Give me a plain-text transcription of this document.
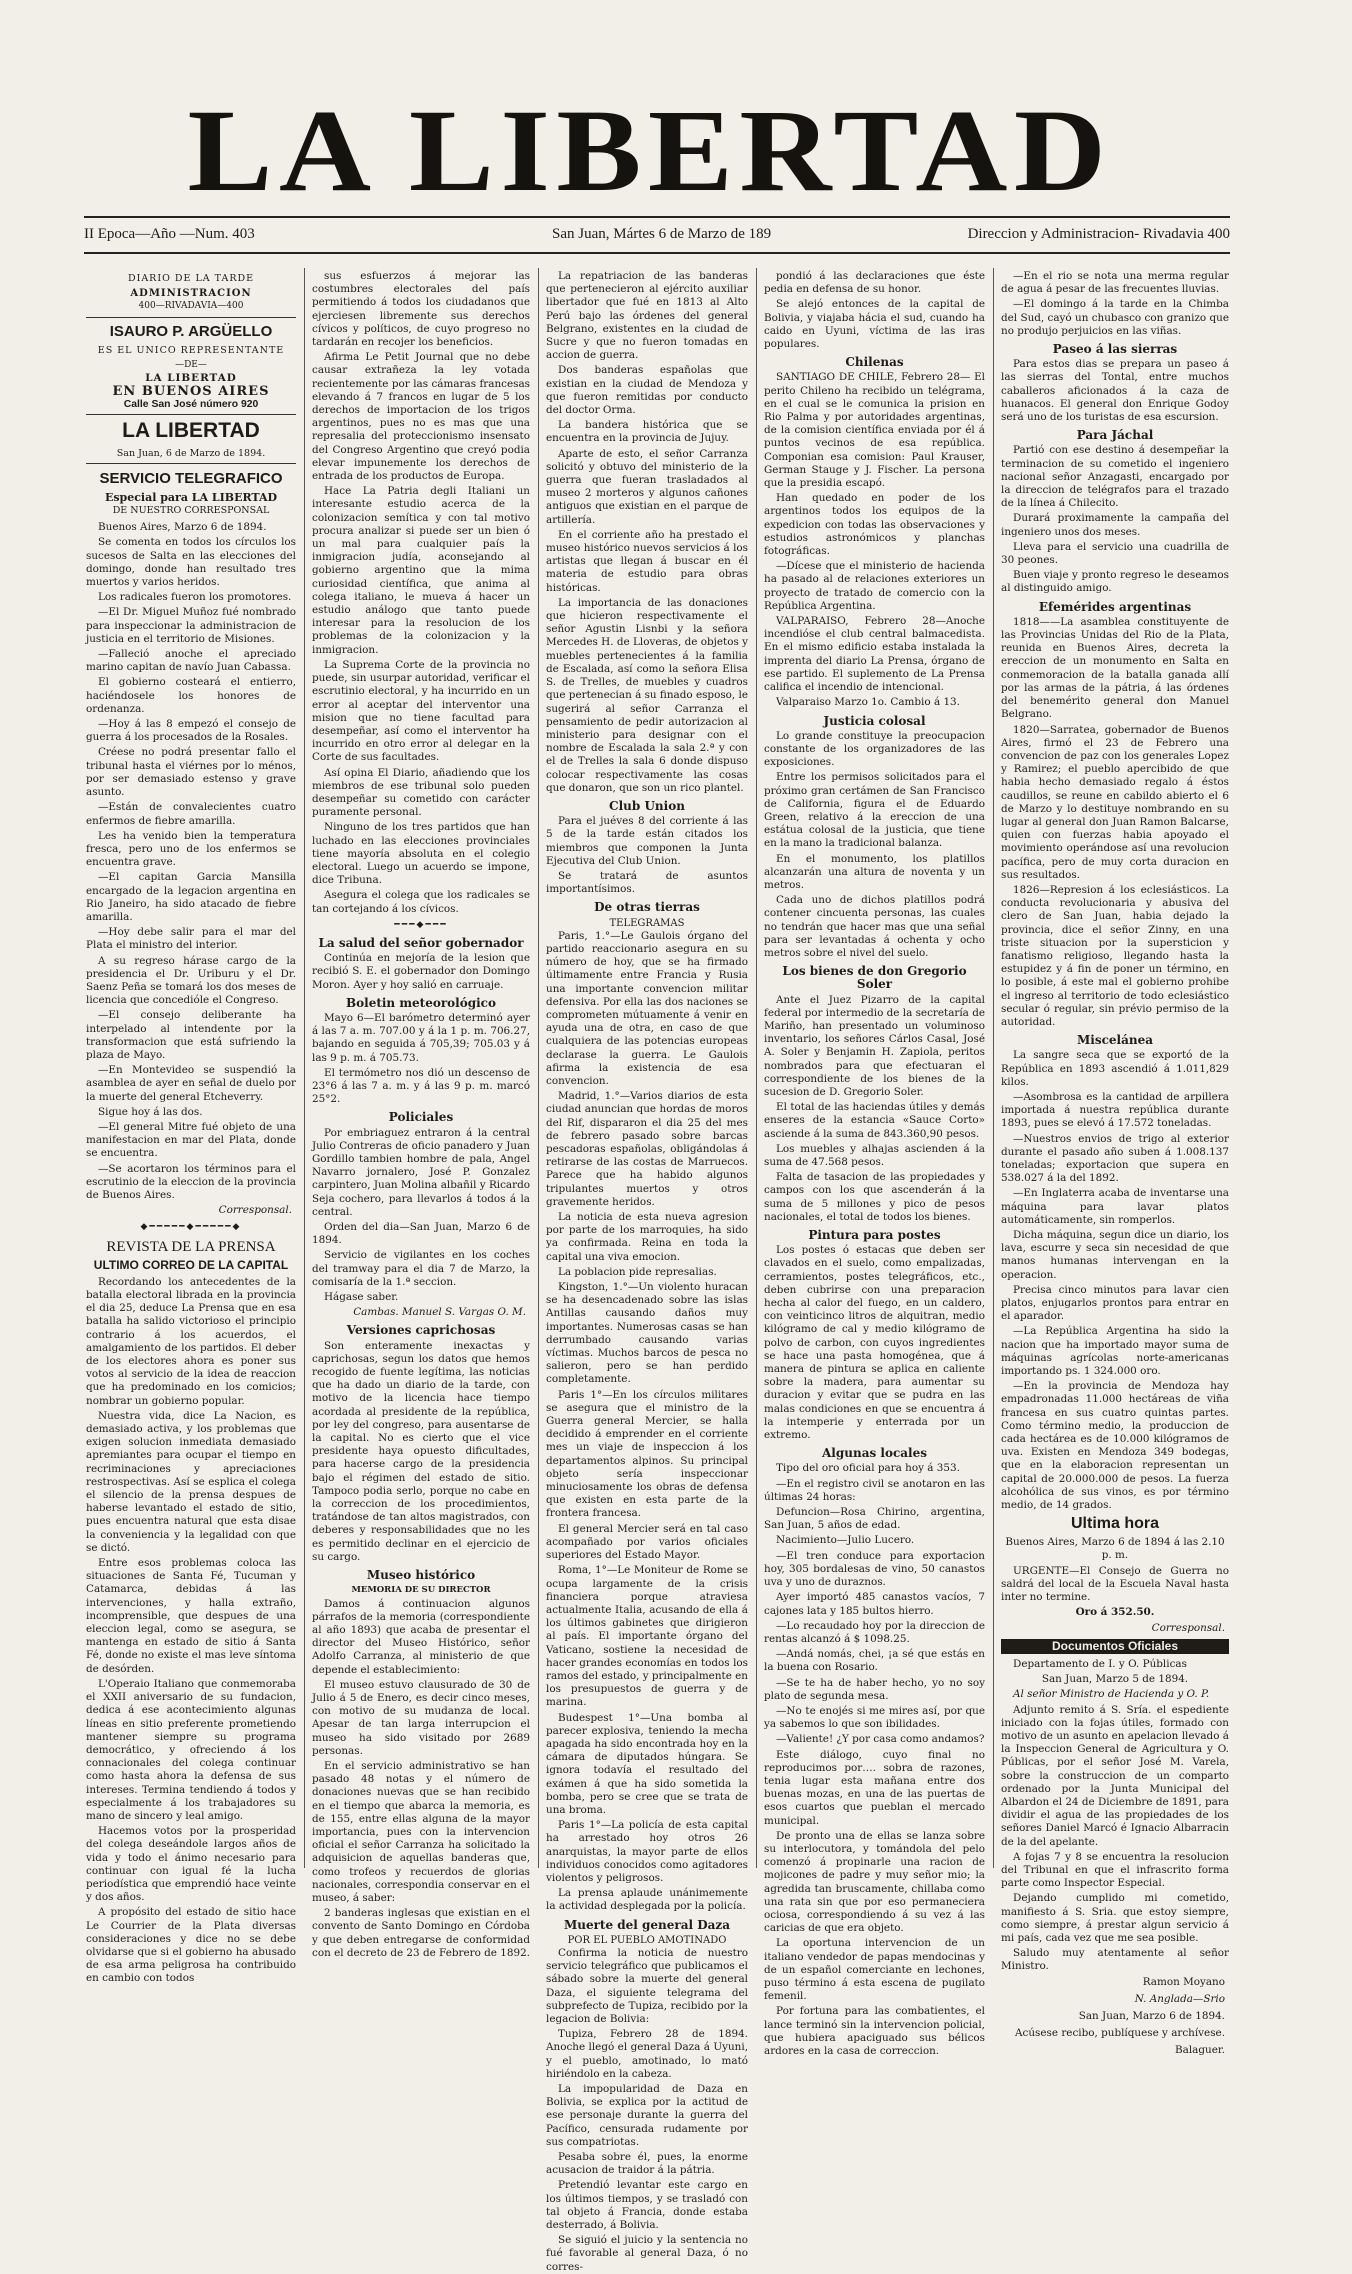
LA LIBERTAD
II Epoca—Año —Num. 403	San Juan, Mártes 6 de Marzo de 189	Direccion y Administracion- Rivadavia 400
DIARIO DE LA TARDE
ADMINISTRACION
400—RIVADAVIA—400
ISAURO P. ARGÜELLO
ES EL UNICO REPRESENTANTE
—DE—
LA LIBERTAD
EN BUENOS AIRES
Calle San José número 920
LA LIBERTAD
San Juan, 6 de Marzo de 1894.
SERVICIO TELEGRAFICO
Especial para LA LIBERTAD
DE NUESTRO CORRESPONSAL

Buenos Aires, Marzo 6 de 1894.

Se comenta en todos los círculos los sucesos de Salta en las elecciones del domingo, donde han resultado tres muertos y varios heridos.

Los radicales fueron los promotores.

—El Dr. Miguel Muñoz fué nombrado para inspeccionar la administracion de justicia en el territorio de Misiones.

—Falleció anoche el apreciado marino capitan de navío Juan Cabassa.

El gobierno costeará el entierro, haciéndosele los honores de ordenanza.

—Hoy á las 8 empezó el consejo de guerra á los procesados de la Rosales.

Créese no podrá presentar fallo el tribunal hasta el viérnes por lo ménos, por ser demasiado estenso y grave asunto.

—Están de convalecientes cuatro enfermos de fiebre amarilla.

Les ha venido bien la temperatura fresca, pero uno de los enfermos se encuentra grave.

—El capitan Garcia Mansilla encargado de la legacion argentina en Rio Janeiro, ha sido atacado de fiebre amarilla.

—Hoy debe salir para el mar del Plata el ministro del interior.

A su regreso hárase cargo de la presidencia el Dr. Uriburu y el Dr. Saenz Peña se tomará los dos meses de licencia que concedióle el Congreso.

—El consejo deliberante ha interpelado al intendente por la transformacion que está sufriendo la plaza de Mayo.

—En Montevideo se suspendió la asamblea de ayer en señal de duelo por la muerte del general Etcheverry.

Sigue hoy á las dos.

—El general Mitre fué objeto de una manifestacion en mar del Plata, donde se encuentra.

—Se acortaron los términos para el escrutinio de la eleccion de la provincia de Buenos Aires.

Corresponsal.
◆━━━━━◆━━━━━◆
REVISTA DE LA PRENSA
ULTIMO CORREO DE LA CAPITAL

Recordando los antecedentes de la batalla electoral librada en la provincia el dia 25, deduce La Prensa que en esa batalla ha salido victorioso el principio contrario á los acuerdos, el amalgamiento de los partidos. El deber de los electores ahora es poner sus votos al servicio de la idea de reaccion que ha predominado en los comicios; nombrar un gobierno popular.

Nuestra vida, dice La Nacion, es demasiado activa, y los problemas que exigen solucion inmediata demasiado apremiantes para ocupar el tiempo en recriminaciones y apreciaciones restrospectivas. Así se esplica el colega el silencio de la prensa despues de haberse levantado el estado de sitio, pues encuentra natural que esta disae la conveniencia y la legalidad con que se dictó.

Entre esos problemas coloca las situaciones de Santa Fé, Tucuman y Catamarca, debidas á las intervenciones, y halla extraño, incomprensible, que despues de una eleccion legal, como se asegura, se mantenga en estado de sitio á Santa Fé, donde no existe el mas leve síntoma de desórden.

L'Operaio Italiano que conmemoraba el XXII aniversario de su fundacion, dedica á ese acontecimiento algunas líneas en sitio preferente prometiendo mantener siempre su programa democrático, y ofreciendo á los connacionales del colega continuar como hasta ahora la defensa de sus intereses. Termina tendiendo á todos y especialmente á los trabajadores su mano de sincero y leal amigo.

Hacemos votos por la prosperidad del colega deseándole largos años de vida y todo el ánimo necesario para continuar con igual fé la lucha periodística que emprendió hace veinte y dos años.

A propósito del estado de sitio hace Le Courrier de la Plata diversas consideraciones y dice no se debe olvidarse que si el gobierno ha abusado de esa arma peligrosa ha contribuido en cambio con todos

sus esfuerzos á mejorar las costumbres electorales del país permitiendo á todos los ciudadanos que ejerciesen libremente sus derechos cívicos y políticos, de cuyo progreso no tardarán en recojer los beneficios.

Afirma Le Petit Journal que no debe causar extrañeza la ley votada recientemente por las cámaras francesas elevando á 7 francos en lugar de 5 los derechos de importacion de los trigos argentinos, pues no es mas que una represalia del proteccionismo insensato del Congreso Argentino que creyó podia elevar impunemente los derechos de entrada de los productos de Europa.

Hace La Patria degli Italiani un interesante estudio acerca de la colonizacion semítica y con tal motivo procura analizar si puede ser un bien ó un mal para cualquier país la inmigracion judía, aconsejando al gobierno argentino que la mima curiosidad científica, que anima al colega italiano, le mueva á hacer un estudio análogo que tanto puede interesar para la resolucion de los problemas de la colonizacion y la inmigracion.

La Suprema Corte de la provincia no puede, sin usurpar autoridad, verificar el escrutinio electoral, y ha incurrido en un error al aceptar del interventor una mision que no tiene facultad para desempeñar, así como el interventor ha incurrido en otro error al delegar en la Corte de sus facultades.

Así opina El Diario, añadiendo que los miembros de ese tribunal solo pueden desempeñar su cometido con carácter puramente personal.

Ninguno de los tres partidos que han luchado en las elecciones provinciales tiene mayoría absoluta en el colegio electoral. Luego un acuerdo se impone, dice Tribuna.

Asegura el colega que los radicales se tan cortejando á los cívicos.

━━━◆━━━
La salud del señor gobernador

Continúa en mejoría de la lesion que recibió S. E. el gobernador don Domingo Moron. Ayer y hoy salió en carruaje.

Boletin meteorológico

Mayo 6—El barómetro determinó ayer á las 7 a. m. 707.00 y á la 1 p. m. 706.27, bajando en seguida á 705,39; 705.03 y á las 9 p. m. á 705.73.

El termómetro nos dió un descenso de 23°6 á las 7 a. m. y á las 9 p. m. marcó 25°2.

Policiales

Por embriaguez entraron á la central Julio Contreras de oficio panadero y Juan Gordillo tambien hombre de pala, Angel Navarro jornalero, José P. Gonzalez carpintero, Juan Molina albañil y Ricardo Seja cochero, para llevarlos á todos á la central.

Orden del dia—San Juan, Marzo 6 de 1894.

Servicio de vigilantes en los coches del tramway para el dia 7 de Marzo, la comisaría de la 1.ª seccion.

Hágase saber.

Cambas. Manuel S. Vargas O. M.
Versiones caprichosas

Son enteramente inexactas y caprichosas, segun los datos que hemos recogido de fuente legítima, las noticias que ha dado un diario de la tarde, con motivo de la licencia hace tiempo acordada al presidente de la república, por ley del congreso, para ausentarse de la capital. No es cierto que el vice presidente haya opuesto dificultades, para hacerse cargo de la presidencia bajo el régimen del estado de sitio. Tampoco podia serlo, porque no cabe en la correccion de los procedimientos, tratándose de tan altos magistrados, con deberes y responsabilidades que no les es permitido declinar en el ejercicio de su cargo.

Museo histórico
MEMORIA DE SU DIRECTOR

Damos á continuacion algunos párrafos de la memoria (correspondiente al año 1893) que acaba de presentar el director del Museo Histórico, señor Adolfo Carranza, al ministerio de que depende el establecimiento:

El museo estuvo clausurado de 30 de Julio á 5 de Enero, es decir cinco meses, con motivo de su mudanza de local. Apesar de tan larga interrupcion el museo ha sido visitado por 2689 personas.

En el servicio administrativo se han pasado 48 notas y el número de donaciones nuevas que se han recibido en el tiempo que abarca la memoria, es de 155, entre ellas alguna de la mayor importancia, pues con la intervencion oficial el señor Carranza ha solicitado la adquisicion de aquellas banderas que, como trofeos y recuerdos de glorias nacionales, correspondia conservar en el museo, á saber:

2 banderas inglesas que existian en el convento de Santo Domingo en Córdoba y que deben entregarse de conformidad con el decreto de 23 de Febrero de 1892.

La repatriacion de las banderas que pertenecieron al ejército auxiliar libertador que fué en 1813 al Alto Perú bajo las órdenes del general Belgrano, existentes en la ciudad de Sucre y que no fueron tomadas en accion de guerra.

Dos banderas españolas que existian en la ciudad de Mendoza y que fueron remitidas por conducto del doctor Orma.

La bandera histórica que se encuentra en la provincia de Jujuy.

Aparte de esto, el señor Carranza solicitó y obtuvo del ministerio de la guerra que fueran trasladados al museo 2 morteros y algunos cañones antiguos que existian en el parque de artillería.

En el corriente año ha prestado el museo histórico nuevos servicios á los artistas que llegan á buscar en él materia de estudio para obras históricas.

La importancia de las donaciones que hicieron respectivamente el señor Agustin Lisnbi y la señora Mercedes H. de Lloveras, de objetos y muebles pertenecientes á la familia de Escalada, así como la señora Elisa S. de Trelles, de muebles y cuadros que pertenecian á su finado esposo, le sugerirá al señor Carranza el pensamiento de pedir autorizacion al ministerio para designar con el nombre de Escalada la sala 2.ª y con el de Trelles la sala 6 donde dispuso colocar respectivamente las cosas que donaron, que son un rico plantel.

Club Union

Para el juéves 8 del corriente á las 5 de la tarde están citados los miembros que componen la Junta Ejecutiva del Club Union.

Se tratará de asuntos importantísimos.

De otras tierras
TELEGRAMAS

Paris, 1.°—Le Gaulois órgano del partido reaccionario asegura en su número de hoy, que se ha firmado últimamente entre Francia y Rusia una importante convencion militar defensiva. Por ella las dos naciones se comprometen mútuamente á venir en ayuda una de otra, en caso de que cualquiera de las potencias europeas declarase la guerra. Le Gaulois afirma la existencia de esa convencion.

Madrid, 1.°—Varios diarios de esta ciudad anuncian que hordas de moros del Rif, dispararon el dia 25 del mes de febrero pasado sobre barcas pescadoras españolas, obligándolas á retirarse de las costas de Marruecos. Parece que ha habido algunos tripulantes muertos y otros gravemente heridos.

La noticia de esta nueva agresion por parte de los marroquies, ha sido ya confirmada. Reina en toda la capital una viva emocion.

La poblacion pide represalias.

Kingston, 1.°—Un violento huracan se ha desencadenado sobre las islas Antillas causando daños muy importantes. Numerosas casas se han derrumbado causando varias víctimas. Muchos barcos de pesca no salieron, pero se han perdido completamente.

Paris 1°—En los círculos militares se asegura que el ministro de la Guerra general Mercier, se halla decidido á emprender en el corriente mes un viaje de inspeccion á los departamentos alpinos. Su principal objeto sería inspeccionar minuciosamente los obras de defensa que existen en esta parte de la frontera francesa.

El general Mercier será en tal caso acompañado por varios oficiales superiores del Estado Mayor.

Roma, 1°—Le Moniteur de Rome se ocupa largamente de la crisis financiera porque atraviesa actualmente Italia, acusando de ella á los últimos gabinetes que dirigieron al país. El importante órgano del Vaticano, sostiene la necesidad de hacer grandes economías en todos los ramos del estado, y principalmente en los presupuestos de guerra y de marina.

Budespest 1°—Una bomba al parecer explosiva, teniendo la mecha apagada ha sido encontrada hoy en la cámara de diputados húngara. Se ignora todavía el resultado del exámen á que ha sido sometida la bomba, pero se cree que se trata de una broma.

Paris 1°—La policía de esta capital ha arrestado hoy otros 26 anarquistas, la mayor parte de ellos individuos conocidos como agitadores violentos y peligrosos.

La prensa aplaude unánimemente la actividad desplegada por la policía.

Muerte del general Daza
POR EL PUEBLO AMOTINADO

Confirma la noticia de nuestro servicio telegráfico que publicamos el sábado sobre la muerte del general Daza, el siguiente telegrama del subprefecto de Tupiza, recibido por la legacion de Bolivia:

Tupiza, Febrero 28 de 1894. Anoche llegó el general Daza á Uyuni, y el pueblo, amotinado, lo mató hiriéndolo en la cabeza.

La impopularidad de Daza en Bolivia, se explica por la actitud de ese personaje durante la guerra del Pacífico, censurada rudamente por sus compatriotas.

Pesaba sobre él, pues, la enorme acusacion de traidor á la pátria.

Pretendió levantar este cargo en los últimos tiempos, y se trasladó con tal objeto á Francia, donde estaba desterrado, á Bolivia.

Se siguió el juicio y la sentencia no fué favorable al general Daza, ó no corres-

pondió á las declaraciones que éste pedia en defensa de su honor.

Se alejó entonces de la capital de Bolivia, y viajaba hácia el sud, cuando ha caido en Uyuni, víctima de las iras populares.

Chilenas

SANTIAGO DE CHILE, Febrero 28— El perito Chileno ha recibido un telégrama, en el cual se le comunica la prision en Rio Palma y por autoridades argentinas, de la comision científica enviada por él á puntos vecinos de esa república. Componian esa comision: Paul Krauser, German Stauge y J. Fischer. La persona que la presidia escapó.

Han quedado en poder de los argentinos todos los equipos de la expedicion con todas las observaciones y estudios astronómicos y planchas fotográficas.

—Dícese que el ministerio de hacienda ha pasado al de relaciones exteriores un proyecto de tratado de comercio con la República Argentina.

VALPARAISO, Febrero 28—Anoche incendióse el club central balmacedista. En el mismo edificio estaba instalada la imprenta del diario La Prensa, órgano de ese partido. El suplemento de La Prensa califica el incendio de intencional.

Valparaiso Marzo 1o. Cambio á 13.

Justicia colosal

Lo grande constituye la preocupacion constante de los organizadores de las exposiciones.

Entre los permisos solicitados para el próximo gran certámen de San Francisco de California, figura el de Eduardo Green, relativo á la ereccion de una estátua colosal de la justicia, que tiene en la mano la tradicional balanza.

En el monumento, los platillos alcanzarán una altura de noventa y un metros.

Cada uno de dichos platillos podrá contener cincuenta personas, las cuales no tendrán que hacer mas que una señal para ser levantadas á ochenta y ocho metros sobre el nivel del suelo.

Los bienes de don Gregorio Soler

Ante el Juez Pizarro de la capital federal por intermedio de la secretaría de Mariño, han presentado un voluminoso inventario, los señores Cárlos Casal, José A. Soler y Benjamin H. Zapiola, peritos nombrados para que efectuaran el correspondiente de los bienes de la sucesion de D. Gregorio Soler.

El total de las haciendas útiles y demás enseres de la estancia «Sauce Corto» asciende á la suma de 843.360,90 pesos.

Los muebles y alhajas ascienden á la suma de 47.568 pesos.

Falta de tasacion de las propiedades y campos con los que ascenderán á la suma de 5 millones y pico de pesos nacionales, el total de todos los bienes.

Pintura para postes

Los postes ó estacas que deben ser clavados en el suelo, como empalizadas, cerramientos, postes telegráficos, etc., deben cubrirse con una preparacion hecha al calor del fuego, en un caldero, con veinticinco litros de alquitran, medio kilógramo de cal y medio kilógramo de polvo de carbon, con cuyos ingredientes se hace una pasta homogénea, que á manera de pintura se aplica en caliente sobre la madera, para aumentar su duracion y evitar que se pudra en las malas condiciones en que se encuentra á la intemperie y enterrada por un extremo.

Algunas locales

Tipo del oro oficial para hoy á 353.

—En el registro civil se anotaron en las últimas 24 horas:

Defuncion—Rosa Chirino, argentina, San Juan, 5 años de edad.

Nacimiento—Julio Lucero.

—El tren conduce para exportacion hoy, 305 bordalesas de vino, 50 canastos uva y uno de duraznos.

Ayer importó 485 canastos vacíos, 7 cajones lata y 185 bultos hierro.

—Lo recaudado hoy por la direccion de rentas alcanzó á $ 1098.25.

—Andá nomás, chei, ¡a sé que estás en la buena con Rosario.

—Se te ha de haber hecho, yo no soy plato de segunda mesa.

—No te enojés si me mires así, por que ya sabemos lo que son ibilidades.

—Valiente! ¿Y por casa como andamos?

Este diálogo, cuyo final no reproducimos por…. sobra de razones, tenia lugar esta mañana entre dos buenas mozas, en una de las puertas de esos cuartos que pueblan el mercado municipal.

De pronto una de ellas se lanza sobre su interlocutora, y tomándola del pelo comenzó á propinarle una racion de mojicones de padre y muy señor mio; la agredida tan bruscamente, chillaba como una rata sin que por eso permaneciera ociosa, correspondiendo á su vez á las caricias de que era objeto.

La oportuna intervencion de un italiano vendedor de papas mendocinas y de un español comerciante en lechones, puso término á esta escena de pugilato femenil.

Por fortuna para las combatientes, el lance terminó sin la intervencion policial, que hubiera apaciguado sus bélicos ardores en la casa de correccion.

—En el rio se nota una merma regular de agua á pesar de las frecuentes lluvias.

—El domingo á la tarde en la Chimba del Sud, cayó un chubasco con granizo que no produjo perjuicios en las viñas.

Paseo á las sierras

Para estos dias se prepara un paseo á las sierras del Tontal, entre muchos caballeros aficionados á la caza de huanacos. El general don Enrique Godoy será uno de los turistas de esa escursion.

Para Jáchal

Partió con ese destino á desempeñar la terminacion de su cometido el ingeniero nacional señor Anzagasti, encargado por la direccion de telégrafos para el trazado de la línea á Chilecito.

Durará proximamente la campaña del ingeniero unos dos meses.

Lleva para el servicio una cuadrilla de 30 peones.

Buen viaje y pronto regreso le deseamos al distinguido amigo.

Efemérides argentinas

1818——La asamblea constituyente de las Provincias Unidas del Rio de la Plata, reunida en Buenos Aires, decreta la ereccion de un monumento en Salta en conmemoracion de la batalla ganada allí por las armas de la pátria, á las órdenes del benemérito general don Manuel Belgrano.

1820—Sarratea, gobernador de Buenos Aires, firmó el 23 de Febrero una convencion de paz con los generales Lopez y Ramirez; el pueblo apercibido de que habia hecho demasiado regalo á éstos caudillos, se reune en cabildo abierto el 6 de Marzo y lo destituye nombrando en su lugar al general don Juan Ramon Balcarse, quien con fuerzas habia apoyado el movimiento operándose así una revolucion pacífica, pero de muy corta duracion en sus resultados.

1826—Represion á los eclesiásticos. La conducta revolucionaria y abusiva del clero de San Juan, habia dejado la provincia, dice el señor Zinny, en una triste situacion por la supersticion y fanatismo religioso, llegando hasta la estupidez y á fin de poner un término, en lo posible, á este mal el gobierno prohibe el ingreso al territorio de todo eclesiástico secular ó regular, sin prévio permiso de la autoridad.

Miscelánea

La sangre seca que se exportó de la República en 1893 ascendió á 1.011,829 kilos.

—Asombrosa es la cantidad de arpillera importada á nuestra república durante 1893, pues se elevó á 17.572 toneladas.

—Nuestros envios de trigo al exterior durante el pasado año suben á 1.008.137 toneladas; exportacion que supera en 538.027 á la del 1892.

—En Inglaterra acaba de inventarse una máquina para lavar platos automáticamente, sin romperlos.

Dicha máquina, segun dice un diario, los lava, escurre y seca sin necesidad de que manos humanas intervengan en la operacion.

Precisa cinco minutos para lavar cien platos, enjugarlos prontos para entrar en el aparador.

—La República Argentina ha sido la nacion que ha importado mayor suma de máquinas agrícolas norte-americanas importando ps. 1 324.000 oro.

—En la provincia de Mendoza hay empadronadas 11.000 hectáreas de viña francesa en sus cuatro quintas partes. Como término medio, la produccion de cada hectárea es de 10.000 kilógramos de uva. Existen en Mendoza 349 bodegas, que en la elaboracion representan un capital de 20.000.000 de pesos. La fuerza alcohólica de sus vinos, es por término medio, de 14 grados.

Ultima hora

Buenos Aires, Marzo 6 de 1894 á las 2.10 p. m.

URGENTE—El Consejo de Guerra no saldrá del local de la Escuela Naval hasta inter no termine.

Oro á 352.50.

Corresponsal.
Documentos Oficiales

Departamento de I. y O. Públicas

San Juan, Marzo 5 de 1894.

Al señor Ministro de Hacienda y O. P.

Adjunto remito á S. Sría. el espediente iniciado con la fojas útiles, formado con motivo de un asunto en apelacion llevado á la Inspeccion General de Agricultura y O. Públicas, por el señor José M. Varela, sobre la construccion de un comparto ordenado por la Junta Municipal del Albardon el 24 de Diciembre de 1891, para dividir el agua de las propiedades de los señores Daniel Marcó é Ignacio Albarracin de la del apelante.

A fojas 7 y 8 se encuentra la resolucion del Tribunal en que el infrascrito forma parte como Inspector Especial.

Dejando cumplido mi cometido, manifiesto á S. Sria. que estoy siempre, como siempre, á prestar algun servicio á mi país, cada vez que me sea posible.

Saludo muy atentamente al señor Ministro.

Ramon Moyano
N. Anglada—Srio
San Juan, Marzo 6 de 1894.
Acúsese recibo, publíquese y archívese.
Balaguer.
